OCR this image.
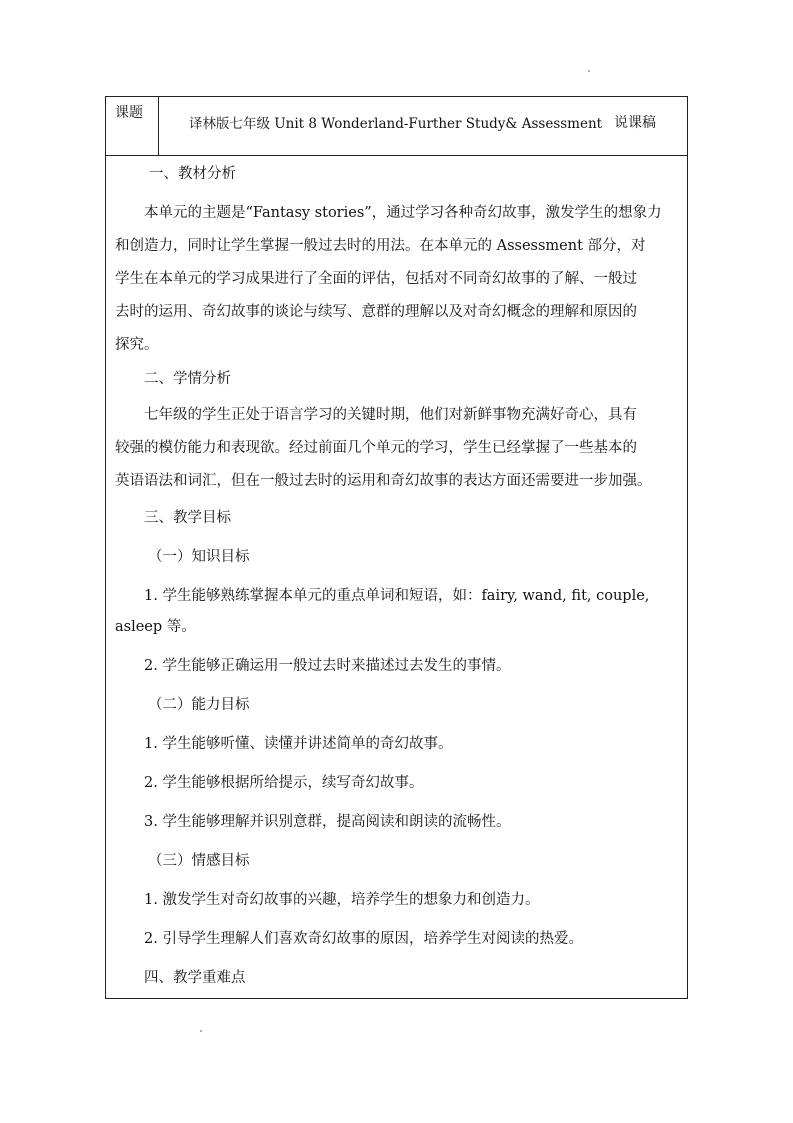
课题
译林版七年级 Unit 8 Wonderland-Further Study& Assessment 说课稿
一、教材分析
本单元的主题是“Fantasy stories”，通过学习各种奇幻故事，激发学生的想象力
和创造力，同时让学生掌握一般过去时的用法。在本单元的 Assessment 部分，对
学生在本单元的学习成果进行了全面的评估，包括对不同奇幻故事的了解、一般过
去时的运用、奇幻故事的谈论与续写、意群的理解以及对奇幻概念的理解和原因的
探究。
二、学情分析
七年级的学生正处于语言学习的关键时期，他们对新鲜事物充满好奇心，具有
较强的模仿能力和表现欲。经过前面几个单元的学习，学生已经掌握了一些基本的
英语语法和词汇，但在一般过去时的运用和奇幻故事的表达方面还需要进一步加强。
三、教学目标
（一）知识目标
1. 学生能够熟练掌握本单元的重点单词和短语，如：fairy, wand, fit, couple,
asleep 等。
2. 学生能够正确运用一般过去时来描述过去发生的事情。
（二）能力目标
1. 学生能够听懂、读懂并讲述简单的奇幻故事。
2. 学生能够根据所给提示，续写奇幻故事。
3. 学生能够理解并识别意群，提高阅读和朗读的流畅性。
（三）情感目标
1. 激发学生对奇幻故事的兴趣，培养学生的想象力和创造力。
2. 引导学生理解人们喜欢奇幻故事的原因，培养学生对阅读的热爱。
四、教学重难点
